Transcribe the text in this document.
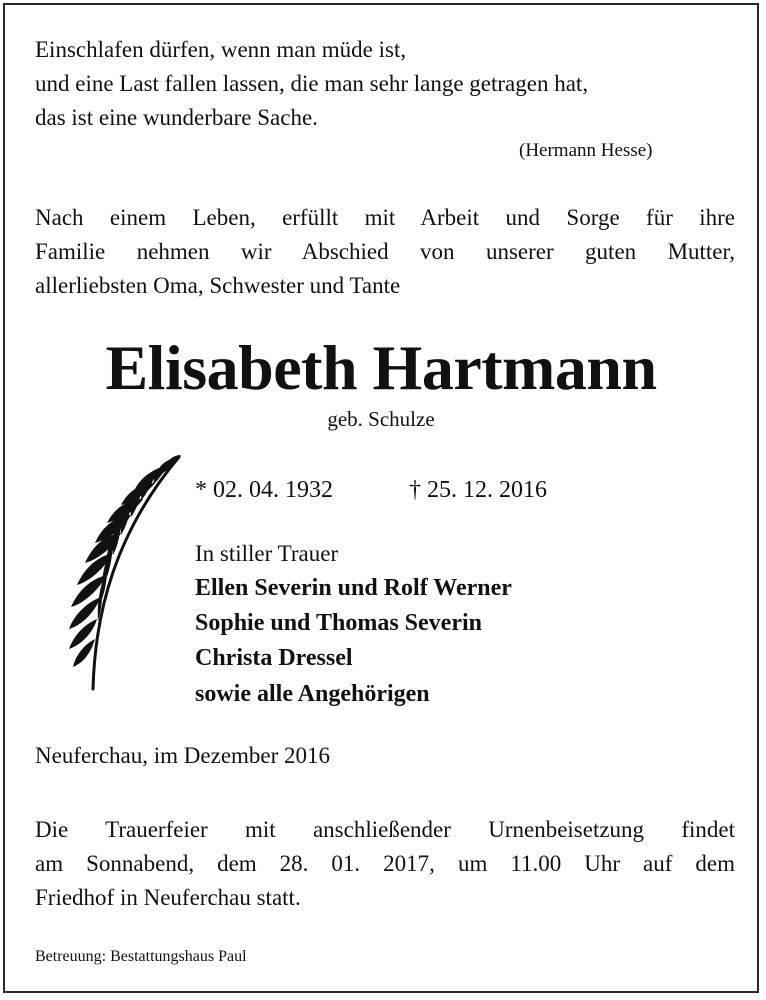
Einschlafen dürfen, wenn man müde ist,
und eine Last fallen lassen, die man sehr lange getragen hat,
das ist eine wunderbare Sache.
(Hermann Hesse)
Nach einem Leben, erfüllt mit Arbeit und Sorge für ihre
Familie nehmen wir Abschied von unserer guten Mutter,
allerliebsten Oma, Schwester und Tante
Elisabeth Hartmann
geb. Schulze
* 02. 04. 1932	† 25. 12. 2016
In stiller Trauer
Ellen Severin und Rolf Werner
Sophie und Thomas Severin
Christa Dressel
sowie alle Angehörigen
Neuferchau, im Dezember 2016
Die Trauerfeier mit anschließender Urnenbeisetzung findet
am Sonnabend, dem 28. 01. 2017, um 11.00 Uhr auf dem
Friedhof in Neuferchau statt.
Betreuung: Bestattungshaus Paul
